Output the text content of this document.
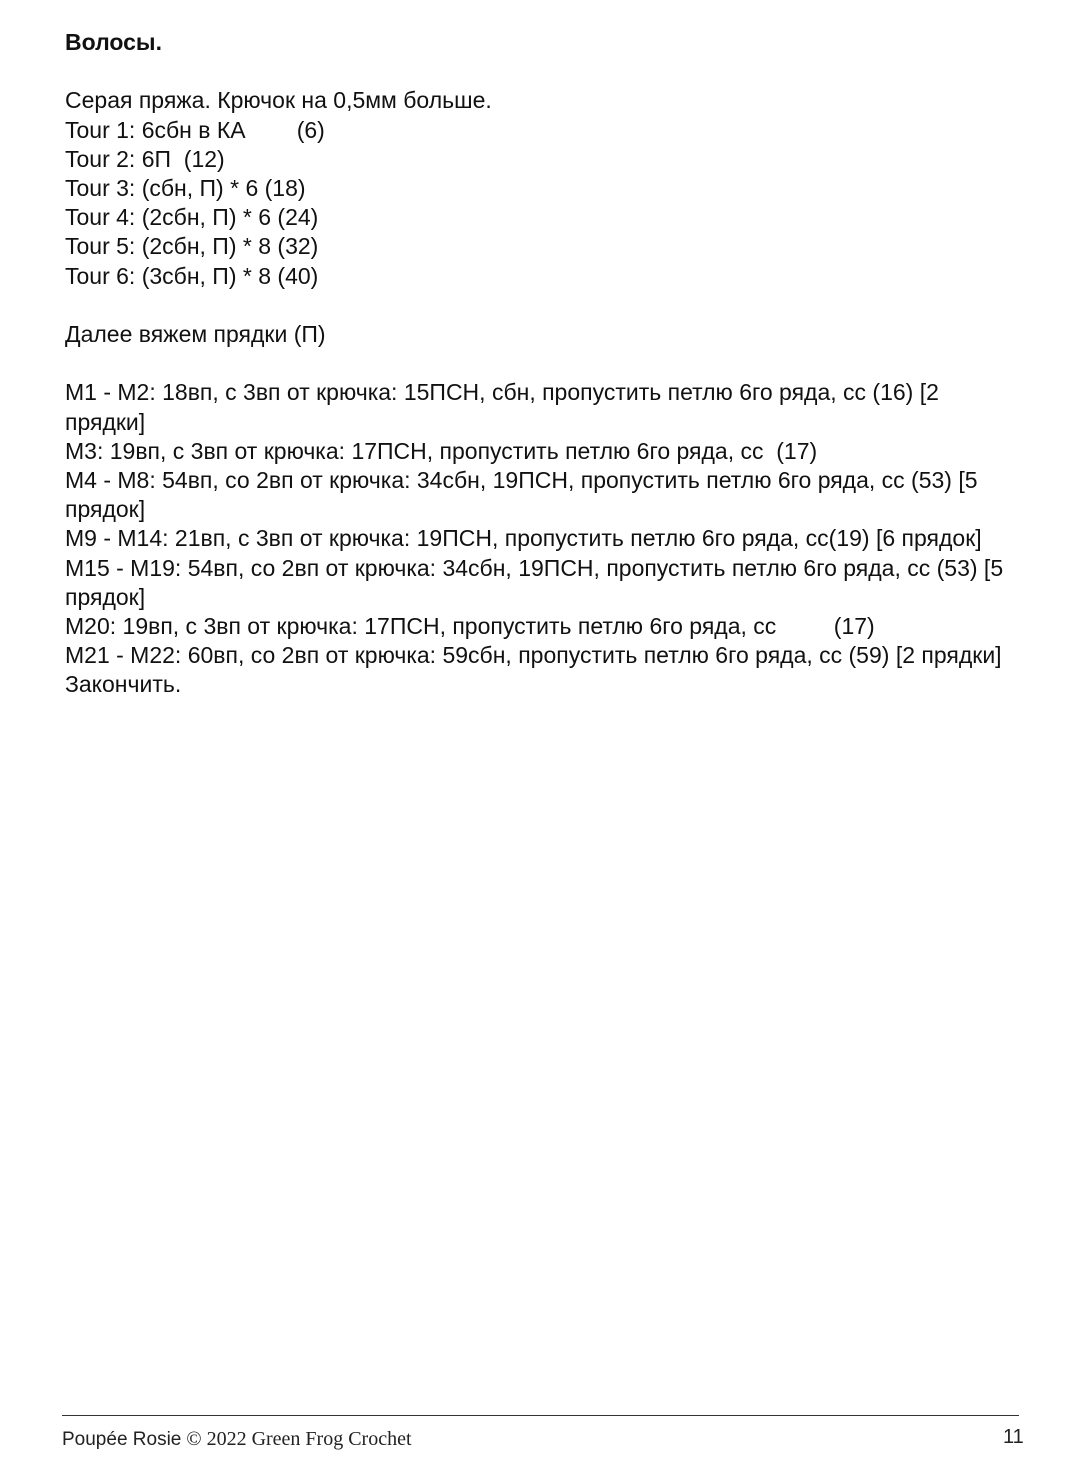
Волосы.

Серая пряжа. Крючок на 0,5мм больше.

Tour 1: 6сбн в КА        (6)

Tour 2: 6П  (12)

Tour 3: (сбн, П) * 6 (18)

Tour 4: (2сбн, П) * 6 (24)

Tour 5: (2сбн, П) * 8 (32)

Tour 6: (3сбн, П) * 8 (40)

Далее вяжем прядки (П)

M1 - M2: 18вп, с 3вп от крючка: 15ПСН, сбн, пропустить петлю 6го ряда, сс (16) [2 прядки]

M3: 19вп, с 3вп от крючка: 17ПСН, пропустить петлю 6го ряда, сс  (17)

M4 - M8: 54вп, со 2вп от крючка: 34сбн, 19ПСН, пропустить петлю 6го ряда, сс (53) [5 прядок]

M9 - M14: 21вп, с 3вп от крючка: 19ПСН, пропустить петлю 6го ряда, сс(19) [6 прядок]

M15 - M19: 54вп, со 2вп от крючка: 34сбн, 19ПСН, пропустить петлю 6го ряда, сс (53) [5 прядок]

M20: 19вп, с 3вп от крючка: 17ПСН, пропустить петлю 6го ряда, сс         (17)

M21 - M22: 60вп, со 2вп от крючка: 59сбн, пропустить петлю 6го ряда, сс (59) [2 прядки]

Закончить.

Poupée Rosie © 2022 Green Frog Crochet	11
